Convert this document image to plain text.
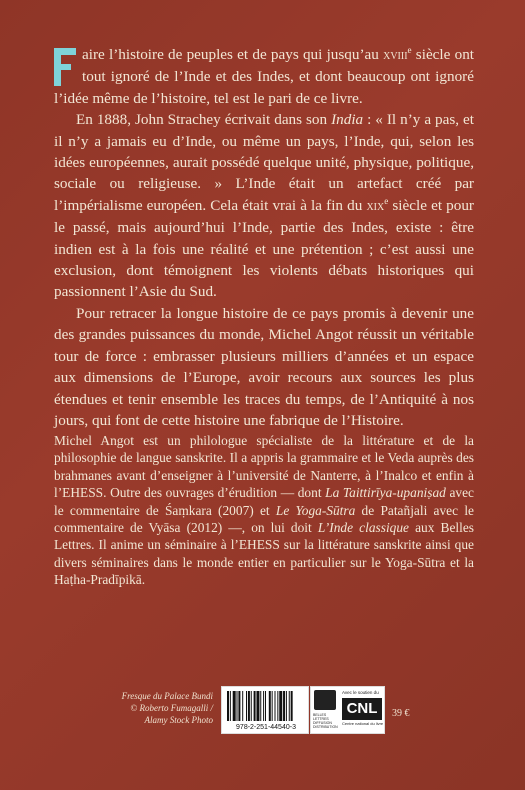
aire l’histoire de peuples et de pays qui jusqu’au xviii$^e$ siècle ont tout ignoré de l’Inde et des Indes, et dont beaucoup ont ignoré l’idée même de l’histoire, tel est le pari de ce livre.

En 1888, John Strachey écrivait dans son India : « Il n’y a pas, et il n’y a jamais eu d’Inde, ou même un pays, l’Inde, qui, selon les idées européennes, aurait possédé quelque unité, physique, politique, sociale ou religieuse. » L’Inde était un artefact créé par l’impérialisme européen. Cela était vrai à la fin du xix$^e$ siècle et pour le passé, mais aujourd’hui l’Inde, partie des Indes, existe : être indien est à la fois une réalité et une prétention ; c’est aussi une exclusion, dont témoignent les violents débats historiques qui passionnent l’Asie du Sud.

Pour retracer la longue histoire de ce pays promis à devenir une des grandes puissances du monde, Michel Angot réussit un véritable tour de force : embrasser plusieurs milliers d’années et un espace aux dimensions de l’Europe, avoir recours aux sources les plus étendues et tenir ensemble les traces du temps, de l’Antiquité à nos jours, qui font de cette histoire une fabrique de l’Histoire.

Michel Angot est un philologue spécialiste de la littérature et de la philosophie de langue sanskrite. Il a appris la grammaire et le Veda auprès des brahmanes avant d’enseigner à l’université de Nanterre, à l’Inalco et enfin à l’EHESS. Outre des ouvrages d’érudition — dont La Taittirīya-upaniṣad avec le commentaire de Śaṃkara (2007) et Le Yoga-Sūtra de Patañjali avec le commentaire de Vyāsa (2012) —, on lui doit L’Inde classique aux Belles Lettres. Il anime un séminaire à l’EHESS sur la littérature sanskrite ainsi que divers séminaires dans le monde entier en particulier sur le Yoga-Sūtra et la Haṭha-Pradīpikā.

Fresque du Palace Bundi
© Roberto Fumagalli /
Alamy Stock Photo
978-2-251-44540-3
BELLES LETTRES DIFFUSION DISTRIBUTION
Avec le soutien du
CNL
Centre national du livre
39 €
